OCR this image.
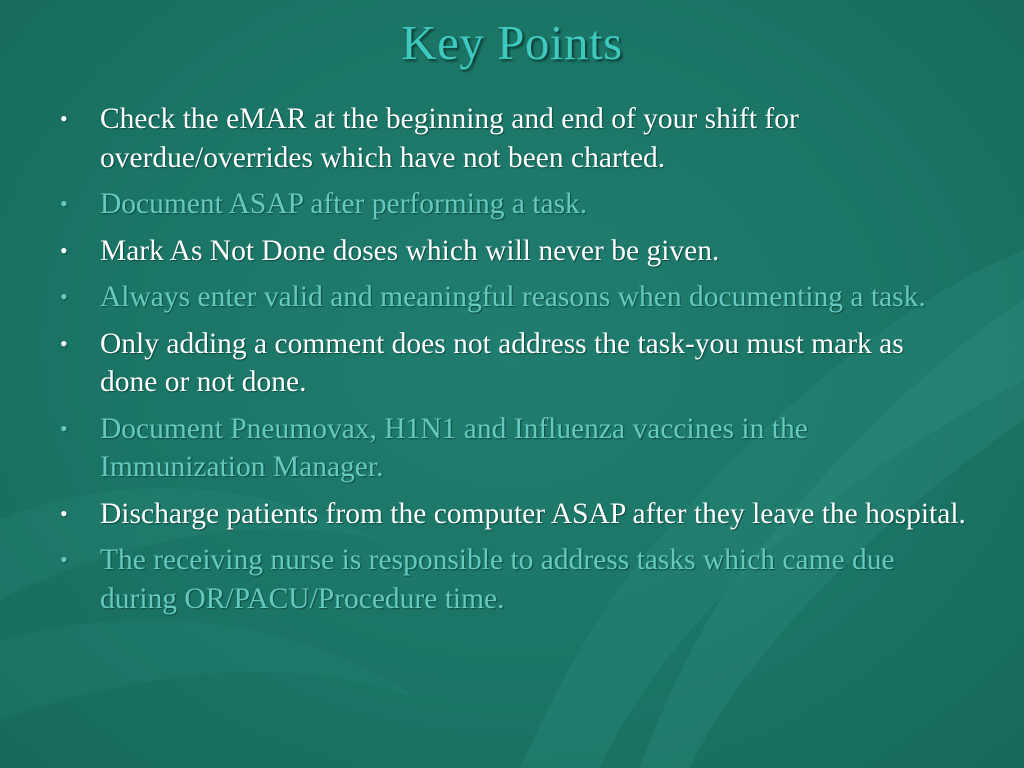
Key Points
• Check the eMAR at the beginning and end of your shift for overdue/overrides which have not been charted.
• Document ASAP after performing a task.
• Mark As Not Done doses which will never be given.
• Always enter valid and meaningful reasons when documenting a task.
• Only adding a comment does not address the task-you must mark as done or not done.
• Document Pneumovax, H1N1 and Influenza vaccines in the Immunization Manager.
• Discharge patients from the computer ASAP after they leave the hospital.
• The receiving nurse is responsible to address tasks which came due during OR/PACU/Procedure time.
